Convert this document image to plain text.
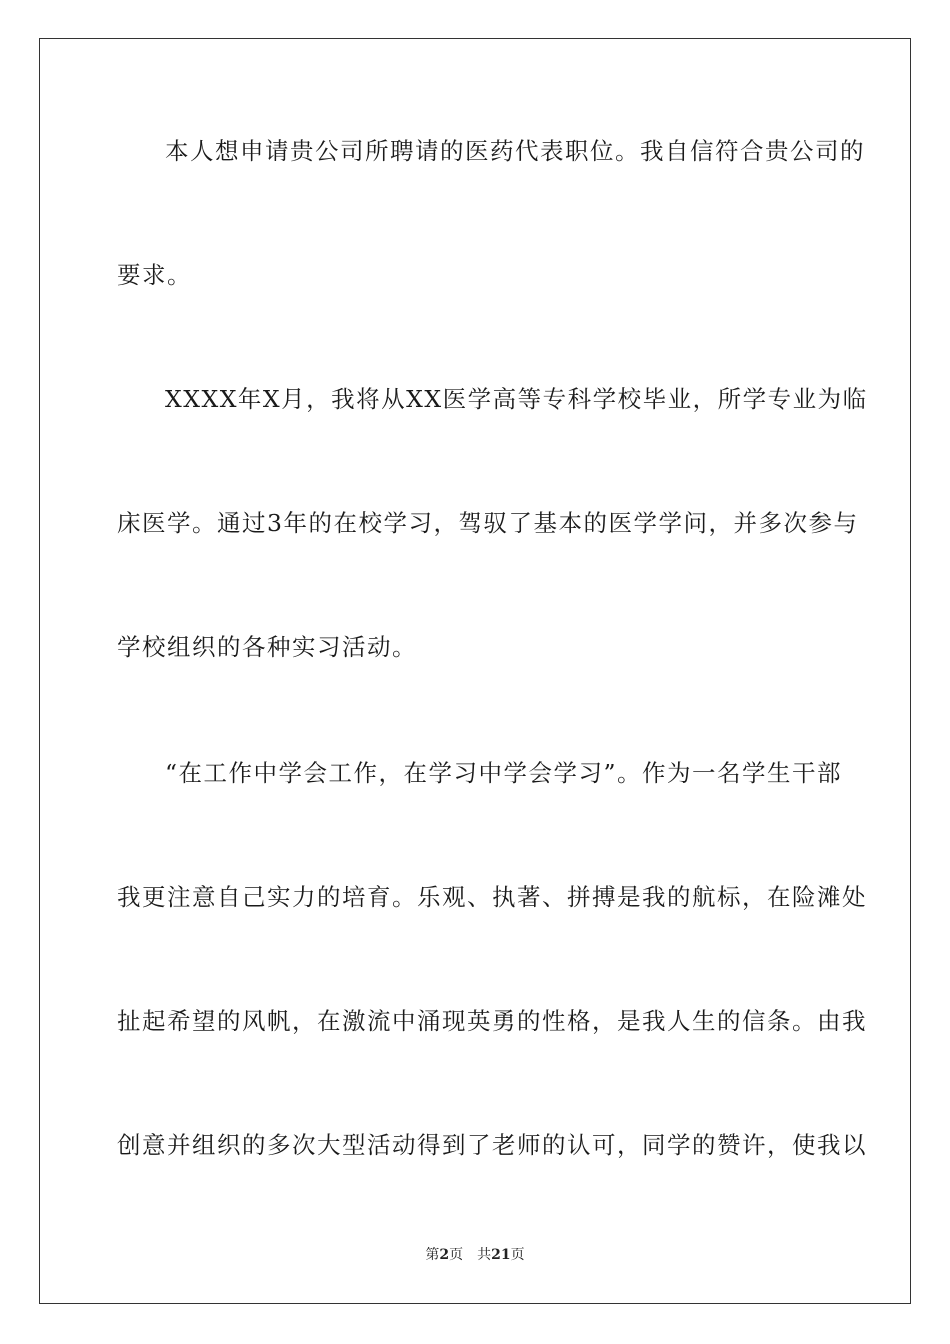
本人想申请贵公司所聘请的医药代表职位。我自信符合贵公司的
要求。
XXXX年X月，我将从XX医学高等专科学校毕业，所学专业为临
床医学。通过3年的在校学习，驾驭了基本的医学学问，并多次参与
学校组织的各种实习活动。
“在工作中学会工作，在学习中学会学习”。作为一名学生干部
我更注意自己实力的培育。乐观、执著、拼搏是我的航标，在险滩处
扯起希望的风帆，在激流中涌现英勇的性格，是我人生的信条。由我
创意并组织的多次大型活动得到了老师的认可，同学的赞许，使我以
第2页 共21页
